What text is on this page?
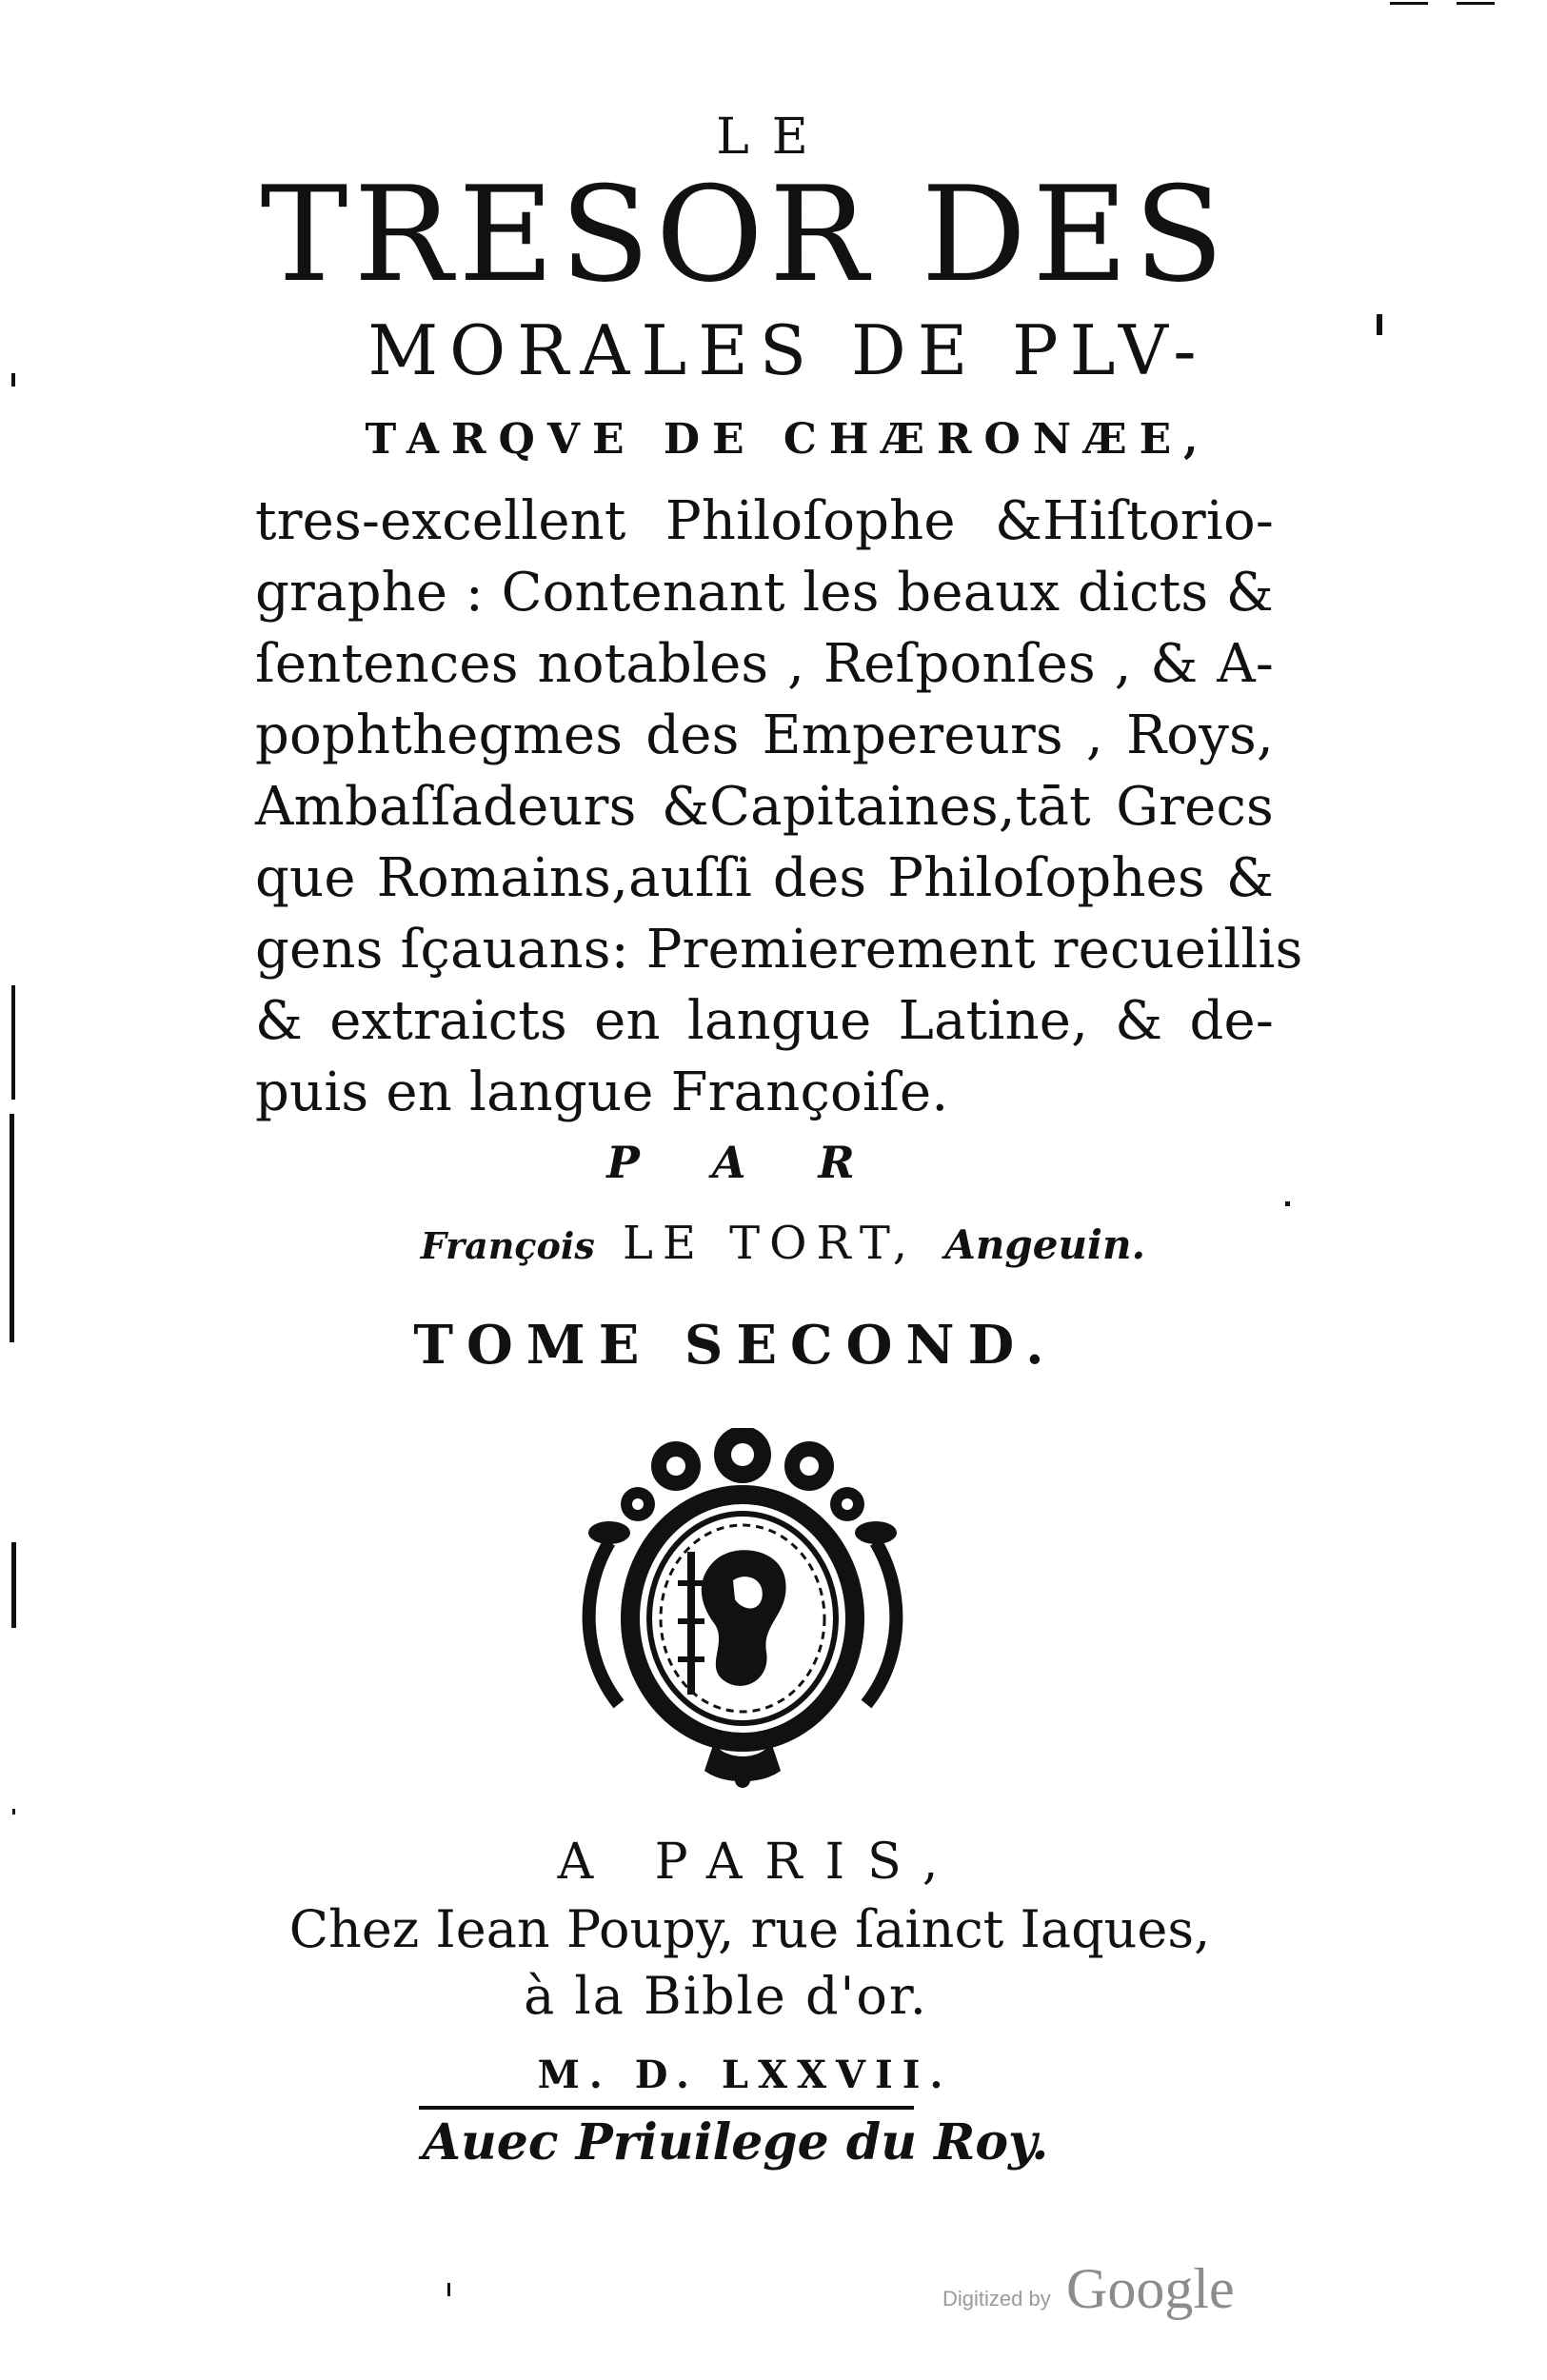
LE
TRESOR DES
MORALES DE PLV-
TARQVE DE CHÆRONÆE,
tres-excellent Philoſophe &Hiſtorio-
graphe : Contenant les beaux dicts &
ſentences notables , Reſponſes , & A-
pophthegmes des Empereurs , Roys,
Ambaſſadeurs &Capitaines,tāt Grecs
que Romains,auſſi des Philoſophes &
gens ſçauans: Premierement recueillis
& extraicts en langue Latine, & de-
puis en langue Françoiſe.
P A R
François LE TORT, Angeuin.
TOME SECOND.
A PARIS,
Chez Iean Poupy, rue ſainct Iaques,
à la Bible d'or.
M. D. LXXVII.
Auec Priuilege du Roy.
Digitized by Google
